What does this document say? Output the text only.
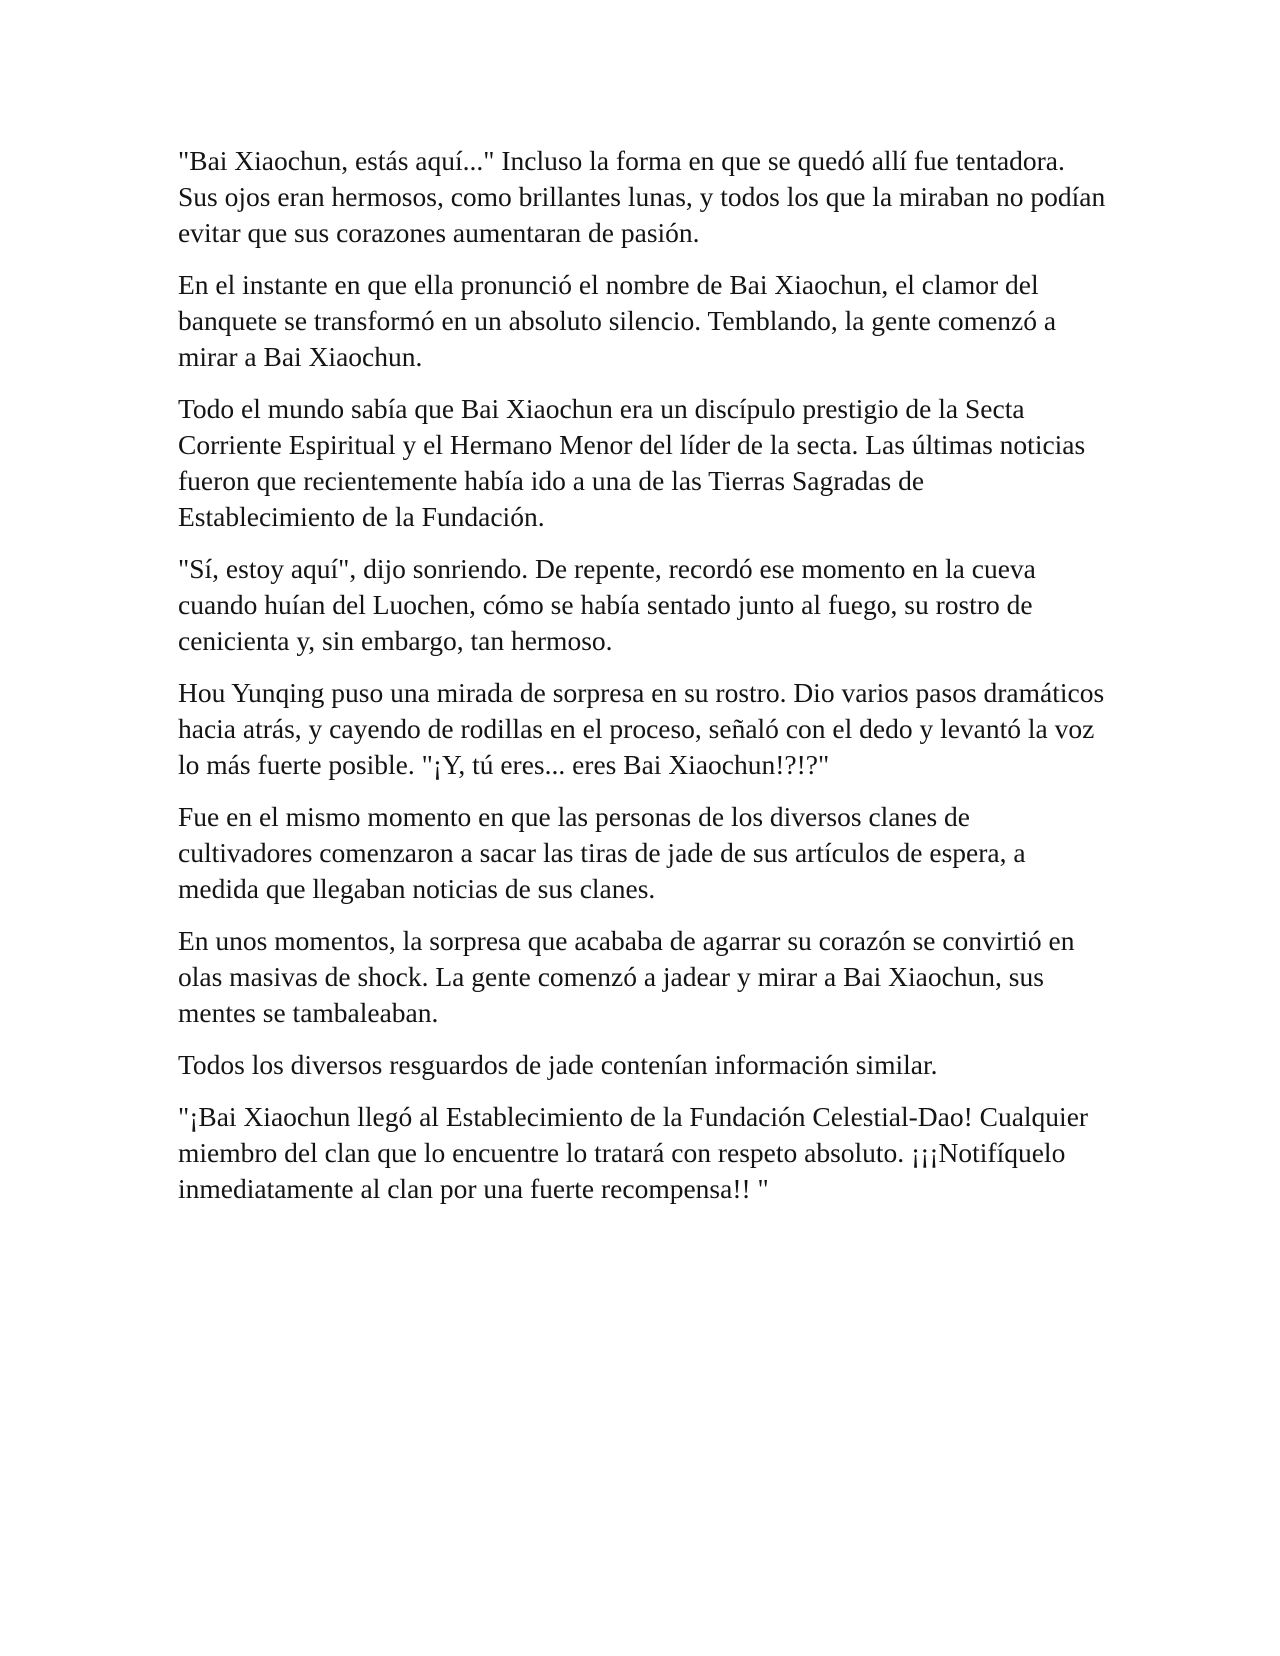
"Bai Xiaochun, estás aquí..." Incluso la forma en que se quedó allí fue tentadora. Sus ojos eran hermosos, como brillantes lunas, y todos los que la miraban no podían evitar que sus corazones aumentaran de pasión.

En el instante en que ella pronunció el nombre de Bai Xiaochun, el clamor del banquete se transformó en un absoluto silencio. Temblando, la gente comenzó a mirar a Bai Xiaochun.

Todo el mundo sabía que Bai Xiaochun era un discípulo prestigio de la Secta Corriente Espiritual y el Hermano Menor del líder de la secta. Las últimas noticias fueron que recientemente había ido a una de las Tierras Sagradas de Establecimiento de la Fundación.

"Sí, estoy aquí", dijo sonriendo. De repente, recordó ese momento en la cueva cuando huían del Luochen, cómo se había sentado junto al fuego, su rostro de cenicienta y, sin embargo, tan hermoso.

Hou Yunqing puso una mirada de sorpresa en su rostro. Dio varios pasos dramáticos hacia atrás, y cayendo de rodillas en el proceso, señaló con el dedo y levantó la voz lo más fuerte posible. "¡Y, tú eres... eres Bai Xiaochun!?!?"

Fue en el mismo momento en que las personas de los diversos clanes de cultivadores comenzaron a sacar las tiras de jade de sus artículos de espera, a medida que llegaban noticias de sus clanes.

En unos momentos, la sorpresa que acababa de agarrar su corazón se convirtió en olas masivas de shock. La gente comenzó a jadear y mirar a Bai Xiaochun, sus mentes se tambaleaban.

Todos los diversos resguardos de jade contenían información similar.

"¡Bai Xiaochun llegó al Establecimiento de la Fundación Celestial-Dao! Cualquier miembro del clan que lo encuentre lo tratará con respeto absoluto. ¡¡¡Notifíquelo inmediatamente al clan por una fuerte recompensa!! "
